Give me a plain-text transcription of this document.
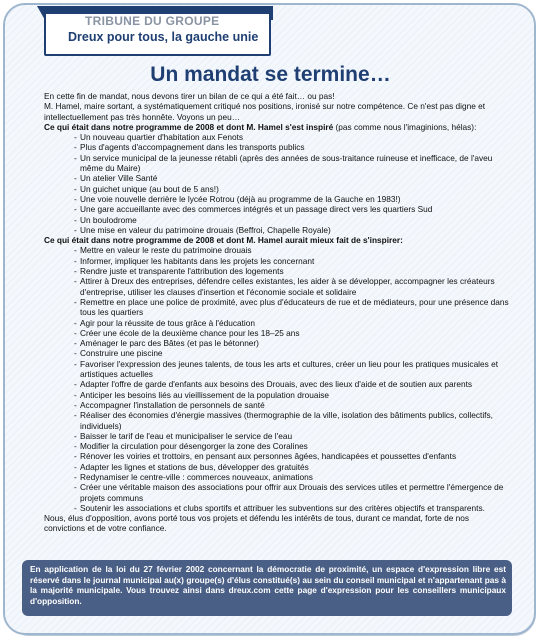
TRIBUNE DU GROUPE
Dreux pour tous, la gauche unie
Un mandat se termine…

En cette fin de mandat, nous devons tirer un bilan de ce qui a été fait… ou pas!

M. Hamel, maire sortant, a systématiquement critiqué nos positions, ironisé sur notre compétence. Ce n'est pas digne et intellectuellement pas très honnête. Voyons un peu…

Ce qui était dans notre programme de 2008 et dont M. Hamel s'est inspiré (pas comme nous l'imaginions, hélas):

- Un nouveau quartier d'habitation aux Fenots
- Plus d'agents d'accompagnement dans les transports publics
- Un service municipal de la jeunesse rétabli (après des années de sous-traitance ruineuse et inefficace, de l'aveu même du Maire)
- Un atelier Ville Santé
- Un guichet unique (au bout de 5 ans!)
- Une voie nouvelle derrière le lycée Rotrou (déjà au programme de la Gauche en 1983!)
- Une gare accueillante avec des commerces intégrés et un passage direct vers les quartiers Sud
- Un boulodrome
- Une mise en valeur du patrimoine drouais (Beffroi, Chapelle Royale)

Ce qui était dans notre programme de 2008 et dont M. Hamel aurait mieux fait de s'inspirer:

- Mettre en valeur le reste du patrimoine drouais
- Informer, impliquer les habitants dans les projets les concernant
- Rendre juste et transparente l'attribution des logements
- Attirer à Dreux des entreprises, défendre celles existantes, les aider à se développer, accompagner les créateurs d'entreprise, utiliser les clauses d'insertion et l'économie sociale et solidaire
- Remettre en place une police de proximité, avec plus d'éducateurs de rue et de médiateurs, pour une présence dans tous les quartiers
- Agir pour la réussite de tous grâce à l'éducation
- Créer une école de la deuxième chance pour les 18–25 ans
- Aménager le parc des Bâtes (et pas le bétonner)
- Construire une piscine
- Favoriser l'expression des jeunes talents, de tous les arts et cultures, créer un lieu pour les pratiques musicales et artistiques actuelles
- Adapter l'offre de garde d'enfants aux besoins des Drouais, avec des lieux d'aide et de soutien aux parents
- Anticiper les besoins liés au vieillissement de la population drouaise
- Accompagner l'installation de personnels de santé
- Réaliser des économies d'énergie massives (thermographie de la ville, isolation des bâtiments publics, collectifs, individuels)
- Baisser le tarif de l'eau et municipaliser le service de l'eau
- Modifier la circulation pour désengorger la zone des Coralines
- Rénover les voiries et trottoirs, en pensant aux personnes âgées, handicapées et poussettes d'enfants
- Adapter les lignes et stations de bus, développer des gratuités
- Redynamiser le centre-ville : commerces nouveaux, animations
- Créer une véritable maison des associations pour offrir aux Drouais des services utiles et permettre l'émergence de projets communs
- Soutenir les associations et clubs sportifs et attribuer les subventions sur des critères objectifs et transparents.

Nous, élus d'opposition, avons porté tous vos projets et défendu les intérêts de tous, durant ce mandat, forte de nos convictions et de votre confiance.

En application de la loi du 27 février 2002 concernant la démocratie de proximité, un espace d'expression libre est réservé dans le journal municipal au(x) groupe(s) d'élus constitué(s) au sein du conseil municipal et n'appartenant pas à la majorité municipale. Vous trouvez ainsi dans dreux.com cette page d'expression pour les conseillers municipaux d'opposition.
